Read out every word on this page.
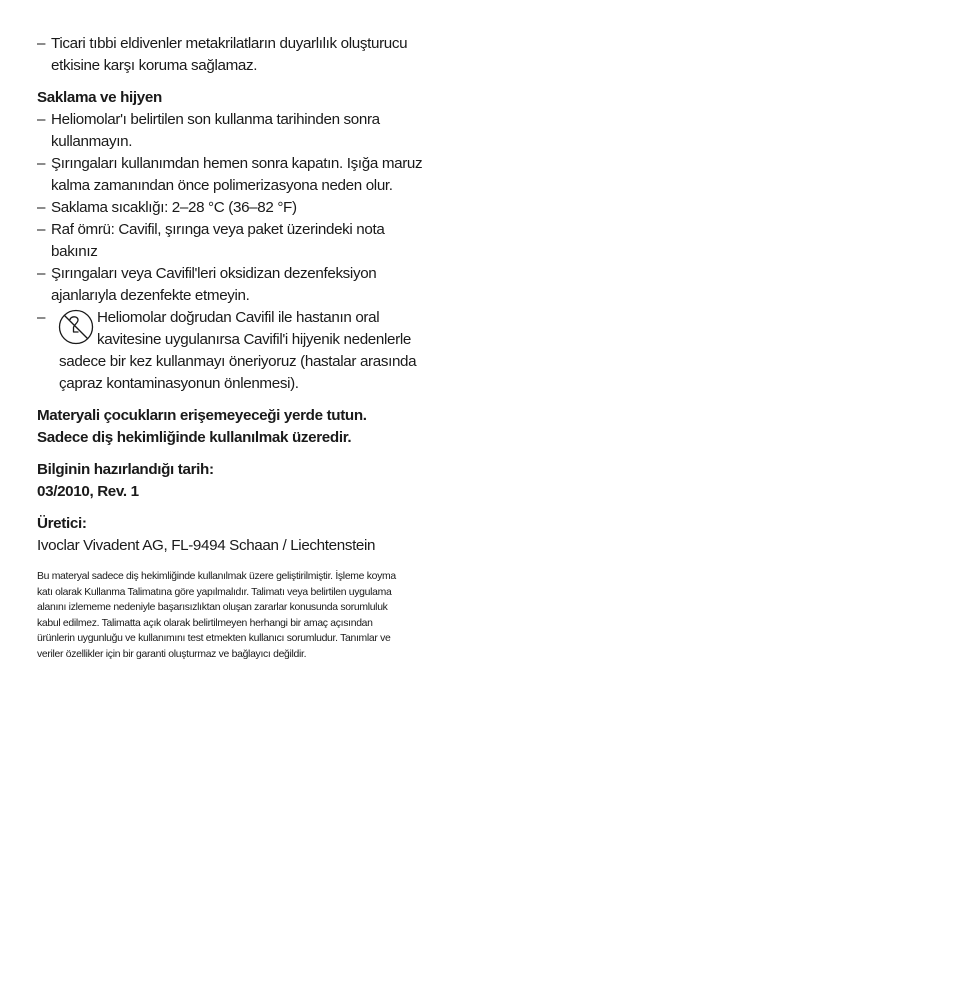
– Ticari tıbbi eldivenler metakrilatların duyarlılık oluşturucu
etkisine karşı koruma sağlamaz.
Saklama ve hijyen
– Heliomolar'ı belirtilen son kullanma tarihinden sonra
kullanmayın.
– Şırıngaları kullanımdan hemen sonra kapatın. Işığa maruz
kalma zamanından önce polimerizasyona neden olur.
– Saklama sıcaklığı: 2–28 °C (36–82 °F)
– Raf ömrü: Cavifil, şırınga veya paket üzerindeki nota
bakınız
– Şırıngaları veya Cavifil'leri oksidizan dezenfeksiyon
ajanlarıyla dezenfekte etmeyin.
–	Heliomolar doğrudan Cavifil ile hastanın oral
kavitesine uygulanırsa Cavifil'i hijyenik nedenlerle
sadece bir kez kullanmayı öneriyoruz (hastalar arasında
çapraz kontaminasyonun önlenmesi).
Materyali çocukların erişemeyeceği yerde tutun.
Sadece diş hekimliğinde kullanılmak üzeredir.
Bilginin hazırlandığı tarih:
03/2010, Rev. 1
Üretici:
Ivoclar Vivadent AG, FL-9494 Schaan / Liechtenstein
Bu materyal sadece diş hekimliğinde kullanılmak üzere geliştirilmiştir. İşleme koyma
katı olarak Kullanma Talimatına göre yapılmalıdır. Talimatı veya belirtilen uygulama
alanını izlememe nedeniyle başarısızlıktan oluşan zararlar konusunda sorumluluk
kabul edilmez. Talimatta açık olarak belirtilmeyen herhangi bir amaç açısından
ürünlerin uygunluğu ve kullanımını test etmekten kullanıcı sorumludur. Tanımlar ve
veriler özellikler için bir garanti oluşturmaz ve bağlayıcı değildir.
